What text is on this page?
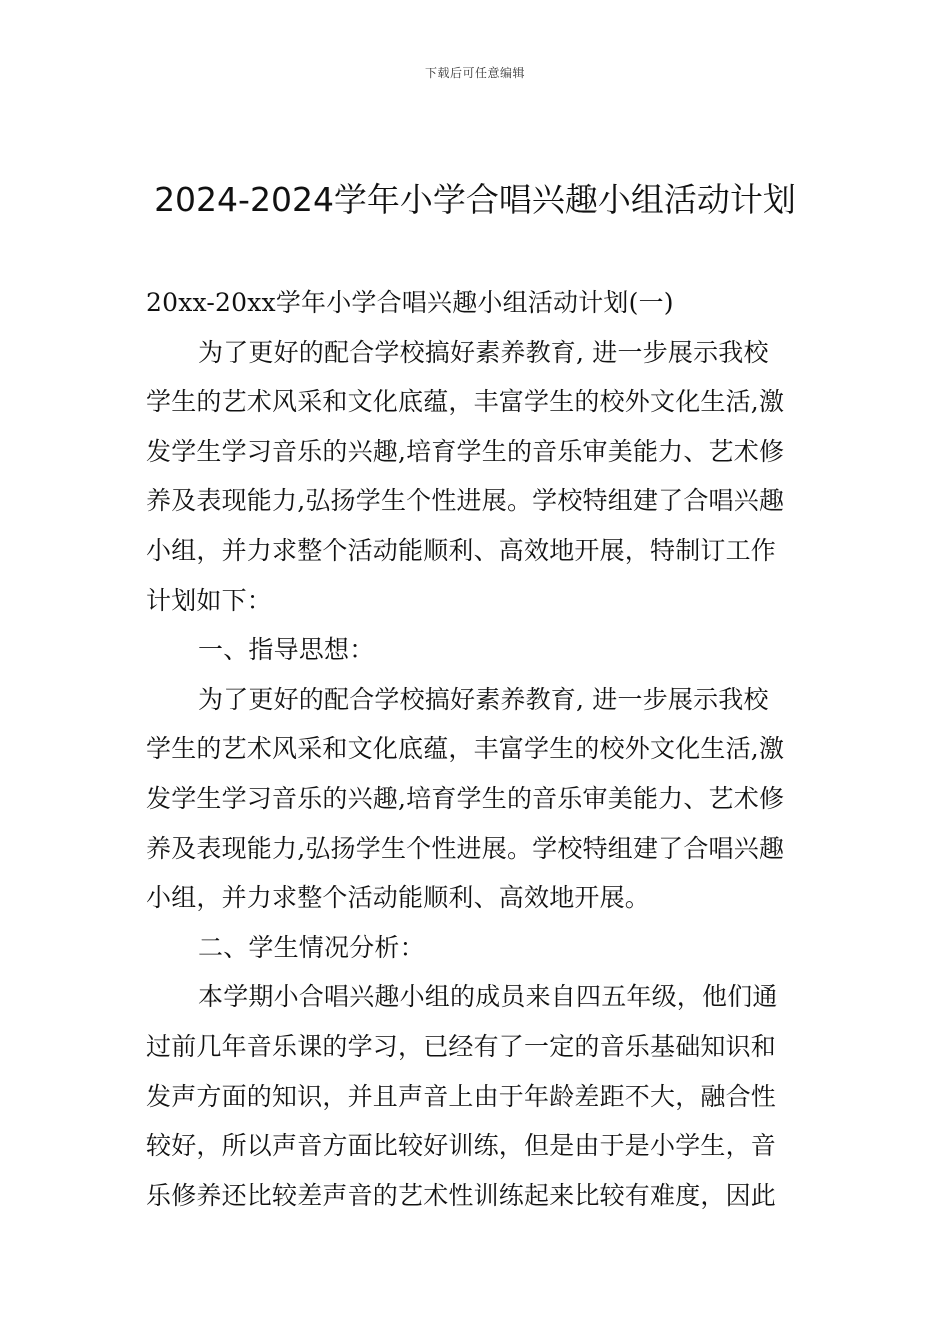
下载后可任意编辑
2024-2024学年小学合唱兴趣小组活动计划
20xx-20xx学年小学合唱兴趣小组活动计划(一)
为了更好的配合学校搞好素养教育, 进一步展示我校
学生的艺术风采和文化底蕴，丰富学生的校外文化生活,激
发学生学习音乐的兴趣,培育学生的音乐审美能力、艺术修
养及表现能力,弘扬学生个性进展。学校特组建了合唱兴趣
小组，并力求整个活动能顺利、高效地开展，特制订工作
计划如下：
一、指导思想：
为了更好的配合学校搞好素养教育, 进一步展示我校
学生的艺术风采和文化底蕴，丰富学生的校外文化生活,激
发学生学习音乐的兴趣,培育学生的音乐审美能力、艺术修
养及表现能力,弘扬学生个性进展。学校特组建了合唱兴趣
小组，并力求整个活动能顺利、高效地开展。
二、学生情况分析：
本学期小合唱兴趣小组的成员来自四五年级，他们通
过前几年音乐课的学习，已经有了一定的音乐基础知识和
发声方面的知识，并且声音上由于年龄差距不大，融合性
较好，所以声音方面比较好训练，但是由于是小学生，音
乐修养还比较差声音的艺术性训练起来比较有难度，因此
